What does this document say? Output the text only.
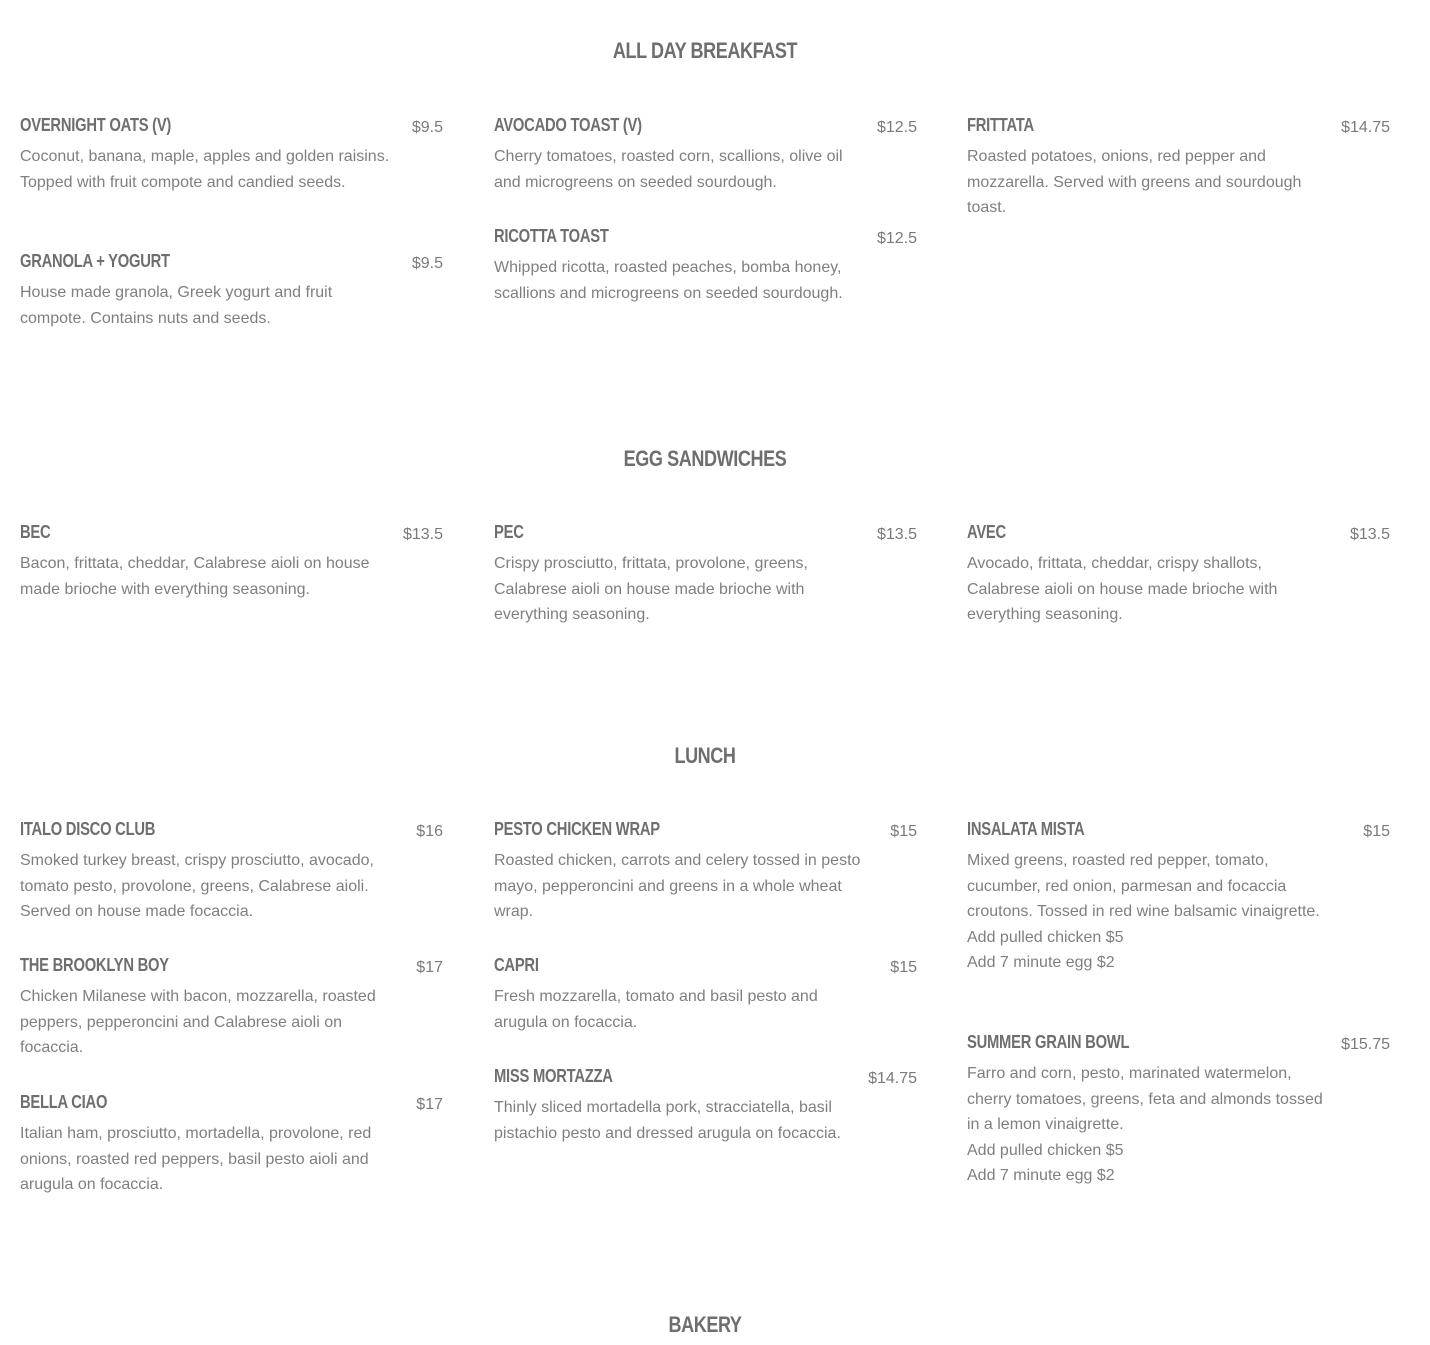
ALL DAY BREAKFAST
OVERNIGHT OATS (V)	$9.5
Coconut, banana, maple, apples and golden raisins. Topped with fruit compote and candied seeds.
GRANOLA + YOGURT	$9.5
House made granola, Greek yogurt and fruit compote. Contains nuts and seeds.
AVOCADO TOAST (V)	$12.5
Cherry tomatoes, roasted corn, scallions, olive oil and microgreens on seeded sourdough.
RICOTTA TOAST	$12.5
Whipped ricotta, roasted peaches, bomba honey, scallions and microgreens on seeded sourdough.
FRITTATA	$14.75
Roasted potatoes, onions, red pepper and mozzarella. Served with greens and sourdough toast.
EGG SANDWICHES
BEC	$13.5
Bacon, frittata, cheddar, Calabrese aioli on house made brioche with everything seasoning.
PEC	$13.5
Crispy prosciutto, frittata, provolone, greens, Calabrese aioli on house made brioche with everything seasoning.
AVEC	$13.5
Avocado, frittata, cheddar, crispy shallots, Calabrese aioli on house made brioche with everything seasoning.
LUNCH
ITALO DISCO CLUB	$16
Smoked turkey breast, crispy prosciutto, avocado, tomato pesto, provolone, greens, Calabrese aioli. Served on house made focaccia.
THE BROOKLYN BOY	$17
Chicken Milanese with bacon, mozzarella, roasted peppers, pepperoncini and Calabrese aioli on focaccia.
BELLA CIAO	$17
Italian ham, prosciutto, mortadella, provolone, red onions, roasted red peppers, basil pesto aioli and arugula on focaccia.
PESTO CHICKEN WRAP	$15
Roasted chicken, carrots and celery tossed in pesto mayo, pepperoncini and greens in a whole wheat wrap.
CAPRI	$15
Fresh mozzarella, tomato and basil pesto and arugula on focaccia.
MISS MORTAZZA	$14.75
Thinly sliced mortadella pork, stracciatella, basil pistachio pesto and dressed arugula on focaccia.
INSALATA MISTA	$15
Mixed greens, roasted red pepper, tomato, cucumber, red onion, parmesan and focaccia croutons. Tossed in red wine balsamic vinaigrette.
Add pulled chicken $5
Add 7 minute egg $2
SUMMER GRAIN BOWL	$15.75
Farro and corn, pesto, marinated watermelon, cherry tomatoes, greens, feta and almonds tossed in a lemon vinaigrette.
Add pulled chicken $5
Add 7 minute egg $2
BAKERY
